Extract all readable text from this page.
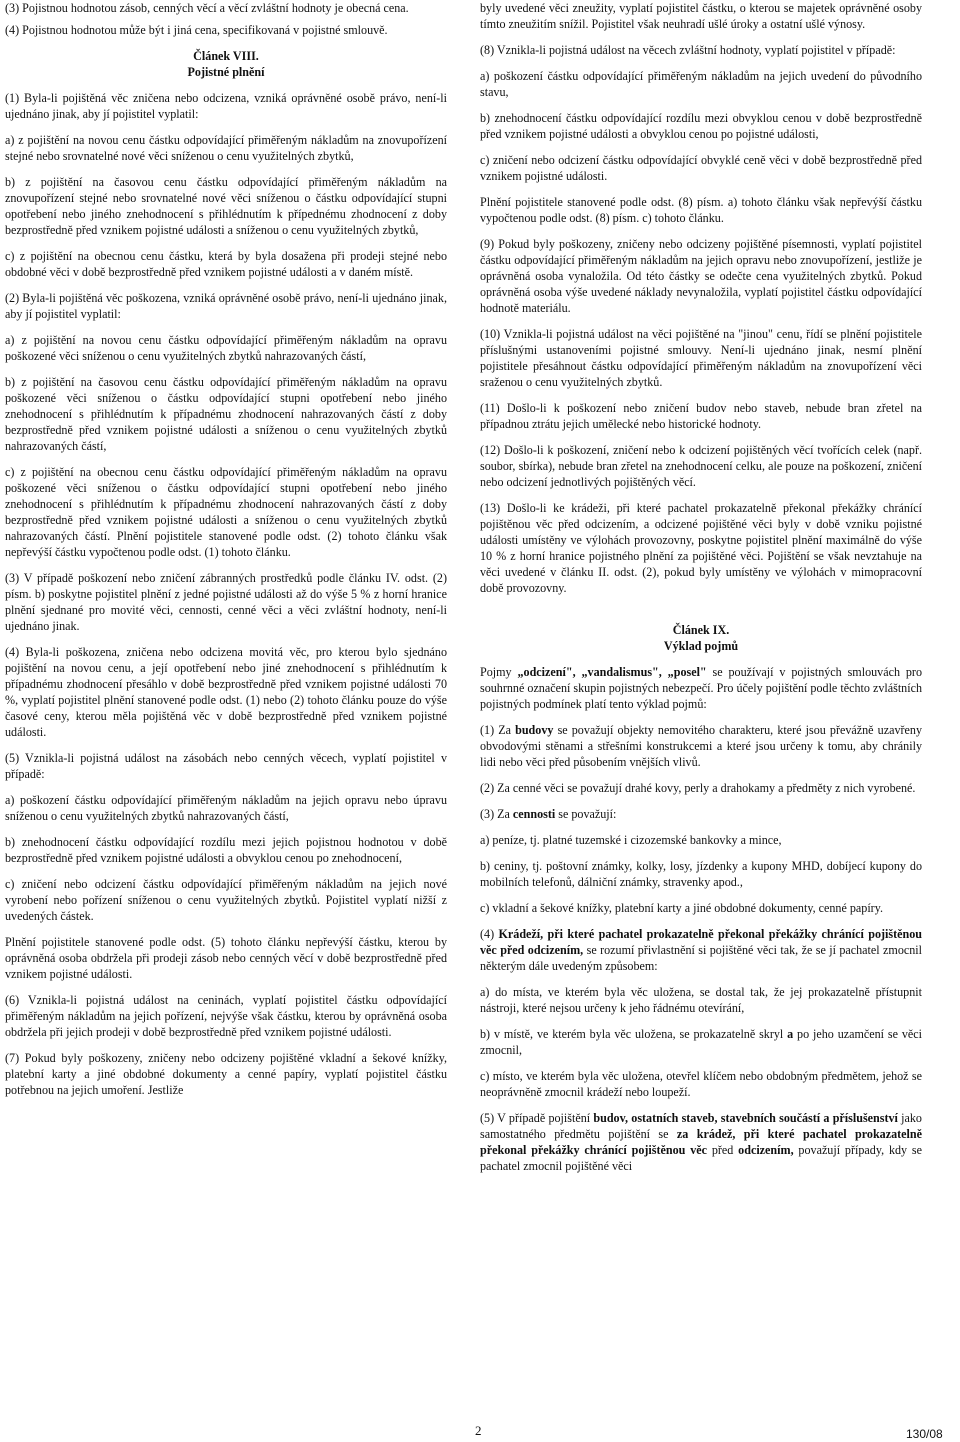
(3) Pojistnou hodnotou zásob, cenných věcí a věcí zvláštní hodnoty je obecná cena.

(4) Pojistnou hodnotou může být i jiná cena, specifikovaná v pojistné smlouvě.

Článek VIII.

Pojistné plnění

(1) Byla-li pojištěná věc zničena nebo odcizena, vzniká oprávněné osobě právo, není-li ujednáno jinak, aby jí pojistitel vyplatil:

a) z pojištění na novou cenu částku odpovídající přiměřeným nákladům na znovupořízení stejné nebo srovnatelné nové věci sníženou o cenu využitelných zbytků,

b) z pojištění na časovou cenu částku odpovídající přiměřeným nákladům na znovupořízení stejné nebo srovnatelné nové věci sníženou o částku odpovídající stupni opotřebení nebo jiného znehodnocení s přihlédnutím k přípednému zhodnocení z doby bezprostředně před vznikem pojistné události a sníženou o cenu využitelných zbytků,

c) z pojištění na obecnou cenu částku, která by byla dosažena při prodeji stejné nebo obdobné věci v době bezprostředně před vznikem pojistné události a v daném místě.

(2) Byla-li pojištěná věc poškozena, vzniká oprávněné osobě právo, není-li ujednáno jinak, aby jí pojistitel vyplatil:

a) z pojištění na novou cenu částku odpovídající přiměřeným nákladům na opravu poškozené věci sníženou o cenu využitelných zbytků nahrazovaných částí,

b) z pojištění na časovou cenu částku odpovídající přiměřeným nákladům na opravu poškozené věci sníženou o částku odpovídající stupni opotřebení nebo jiného znehodnocení s přihlédnutím k případnému zhodnocení nahrazovaných částí z doby bezprostředně před vznikem pojistné události a sníženou o cenu využitelných zbytků nahrazovaných částí,

c) z pojištění na obecnou cenu částku odpovídající přiměřeným nákladům na opravu poškozené věci sníženou o částku odpovídající stupni opotřebení nebo jiného znehodnocení s přihlédnutím k případnému zhodnocení nahrazovaných částí z doby bezprostředně před vznikem pojistné události a sníženou o cenu využitelných zbytků nahrazovaných částí. Plnění pojistitele stanovené podle odst. (2) tohoto článku však nepřevýší částku vypočtenou podle odst. (1) tohoto článku.

(3) V případě poškození nebo zničení zábranných prostředků podle článku IV. odst. (2) písm. b) poskytne pojistitel plnění z jedné pojistné události až do výše 5 % z horní hranice plnění sjednané pro movité věci, cennosti, cenné věci a věci zvláštní hodnoty, není-li ujednáno jinak.

(4) Byla-li poškozena, zničena nebo odcizena movitá věc, pro kterou bylo sjednáno pojištění na novou cenu, a její opotřebení nebo jiné znehodnocení s přihlédnutím k případnému zhodnocení přesáhlo v době bezprostředně před vznikem pojistné události 70 %, vyplatí pojistitel plnění stanovené podle odst. (1) nebo (2) tohoto článku pouze do výše časové ceny, kterou měla pojištěná věc v době bezprostředně před vznikem pojistné události.

(5) Vznikla-li pojistná událost na zásobách nebo cenných věcech, vyplatí pojistitel v případě:

a) poškození částku odpovídající přiměřeným nákladům na jejich opravu nebo úpravu sníženou o cenu využitelných zbytků nahrazovaných částí,

b) znehodnocení částku odpovídající rozdílu mezi jejich pojistnou hodnotou v době bezprostředně před vznikem pojistné události a obvyklou cenou po znehodnocení,

c) zničení nebo odcizení částku odpovídající přiměřeným nákladům na jejich nové vyrobení nebo pořízení sníženou o cenu využitelných zbytků. Pojistitel vyplatí nižší z uvedených částek.

Plnění pojistitele stanovené podle odst. (5) tohoto článku nepřevýší částku, kterou by oprávněná osoba obdržela při prodeji zásob nebo cenných věcí v době bezprostředně před vznikem pojistné události.

(6) Vznikla-li pojistná událost na ceninách, vyplatí pojistitel částku odpovídající přiměřeným nákladům na jejich pořízení, nejvýše však částku, kterou by oprávněná osoba obdržela při jejich prodeji v době bezprostředně před vznikem pojistné události.

(7) Pokud byly poškozeny, zničeny nebo odcizeny pojištěné vkladní a šekové knížky, platební karty a jiné obdobné dokumenty a cenné papíry, vyplatí pojistitel částku potřebnou na jejich umoření. Jestliže

byly uvedené věci zneužity, vyplatí pojistitel částku, o kterou se majetek oprávněné osoby tímto zneužitím snížil. Pojistitel však neuhradí ušlé úroky a ostatní ušlé výnosy.

(8) Vznikla-li pojistná událost na věcech zvláštní hodnoty, vyplatí pojistitel v případě:

a) poškození částku odpovídající přiměřeným nákladům na jejich uvedení do původního stavu,

b) znehodnocení částku odpovídající rozdílu mezi obvyklou cenou v době bezprostředně před vznikem pojistné události a obvyklou cenou po pojistné události,

c) zničení nebo odcizení částku odpovídající obvyklé ceně věci v době bezprostředně před vznikem pojistné události.

Plnění pojistitele stanovené podle odst. (8) písm. a) tohoto článku však nepřevýší částku vypočtenou podle odst. (8) písm. c) tohoto článku.

(9) Pokud byly poškozeny, zničeny nebo odcizeny pojištěné písemnosti, vyplatí pojistitel částku odpovídající přiměřeným nákladům na jejich opravu nebo znovupořízení, jestliže je oprávněná osoba vynaložila. Od této částky se odečte cena využitelných zbytků. Pokud oprávněná osoba výše uvedené náklady nevynaložila, vyplatí pojistitel částku odpovídající hodnotě materiálu.

(10) Vznikla-li pojistná událost na věci pojištěné na "jinou" cenu, řídí se plnění pojistitele příslušnými ustanoveními pojistné smlouvy. Není-li ujednáno jinak, nesmí plnění pojistitele přesáhnout částku odpovídající přiměřeným nákladům na znovupořízení věci sraženou o cenu využitelných zbytků.

(11) Došlo-li k poškození nebo zničení budov nebo staveb, nebude bran zřetel na případnou ztrátu jejich umělecké nebo historické hodnoty.

(12) Došlo-li k poškození, zničení nebo k odcizení pojištěných věcí tvořících celek (např. soubor, sbírka), nebude bran zřetel na znehodnocení celku, ale pouze na poškození, zničení nebo odcizení jednotlivých pojištěných věcí.

(13) Došlo-li ke krádeži, při které pachatel prokazatelně překonal překážky chránící pojištěnou věc před odcizením, a odcizené pojištěné věci byly v době vzniku pojistné události umístěny ve výlohách provozovny, poskytne pojistitel plnění maximálně do výše 10 % z horní hranice pojistného plnění za pojištěné věci. Pojištění se však nevztahuje na věci uvedené v článku II. odst. (2), pokud byly umístěny ve výlohách v mimopracovní době provozovny.

Článek IX.

Výklad pojmů

Pojmy „odcizení", „vandalismus", „posel" se používají v pojistných smlouvách pro souhrnné označení skupin pojistných nebezpečí. Pro účely pojištění podle těchto zvláštních pojistných podmínek platí tento výklad pojmů:

(1) Za budovy se považují objekty nemovitého charakteru, které jsou převážně uzavřeny obvodovými stěnami a střešními konstrukcemi a které jsou určeny k tomu, aby chránily lidi nebo věci před působením vnějších vlivů.

(2) Za cenné věci se považují drahé kovy, perly a drahokamy a předměty z nich vyrobené.

(3) Za cennosti se považují:

a) peníze, tj. platné tuzemské i cizozemské bankovky a mince,

b) ceniny, tj. poštovní známky, kolky, losy, jízdenky a kupony MHD, dobíjecí kupony do mobilních telefonů, dálniční známky, stravenky apod.,

c) vkladní a šekové knížky, platební karty a jiné obdobné dokumenty, cenné papíry.

(4) Krádeží, při které pachatel prokazatelně překonal překážky chránící pojištěnou věc před odcizením, se rozumí přivlastnění si pojištěné věci tak, že se jí pachatel zmocnil některým dále uvedeným způsobem:

a) do místa, ve kterém byla věc uložena, se dostal tak, že jej prokazatelně přístupnit nástroji, které nejsou určeny k jeho řádnému otevírání,

b) v místě, ve kterém byla věc uložena, se prokazatelně skryl a po jeho uzamčení se věci zmocnil,

c) místo, ve kterém byla věc uložena, otevřel klíčem nebo obdobným předmětem, jehož se neoprávněně zmocnil krádeží nebo loupeží.

(5) V případě pojištění budov, ostatních staveb, stavebních součástí a příslušenství jako samostatného předmětu pojištění se za krádež, při které pachatel prokazatelně překonal překážky chránící pojištěnou věc před odcizením, považují případy, kdy se pachatel zmocnil pojištěné věci

2	130/08
